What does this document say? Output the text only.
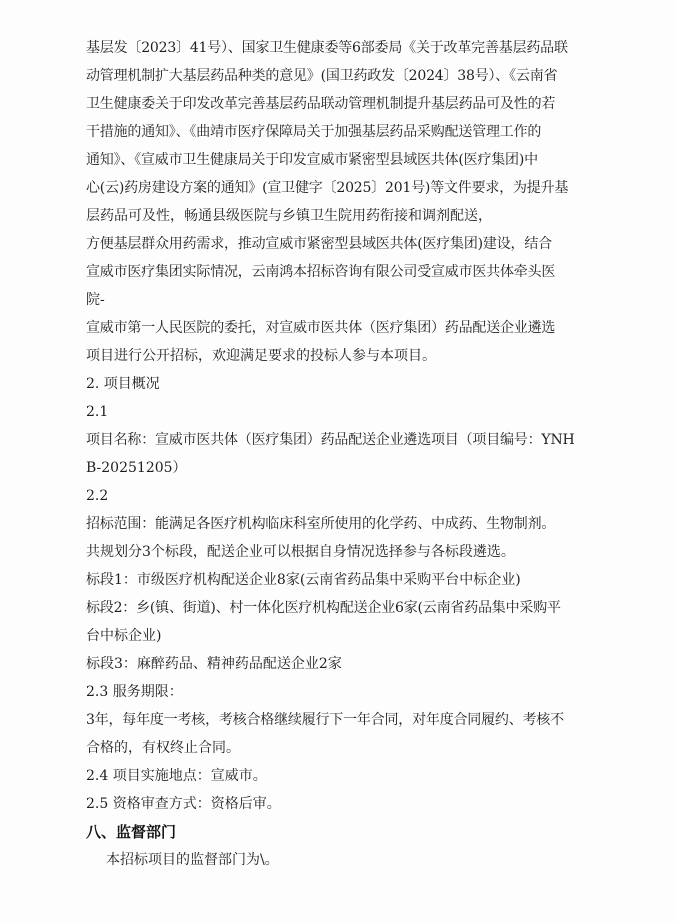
基层发〔2023〕41号）、国家卫生健康委等6部委局《关于改革完善基层药品联
动管理机制扩大基层药品种类的意见》(国卫药政发〔2024〕38号）、《云南省
卫生健康委关于印发改革完善基层药品联动管理机制提升基层药品可及性的若
干措施的通知》、《曲靖市医疗保障局关于加强基层药品采购配送管理工作的
通知》、《宣威市卫生健康局关于印发宣威市紧密型县域医共体(医疗集团)中
心(云)药房建设方案的通知》(宣卫健字〔2025〕201号)等文件要求，为提升基
层药品可及性，畅通县级医院与乡镇卫生院用药衔接和调剂配送，
方便基层群众用药需求，推动宣威市紧密型县域医共体(医疗集团)建设，结合
宣威市医疗集团实际情况，云南鸿本招标咨询有限公司受宣威市医共体牵头医
院-
宣威市第一人民医院的委托，对宣威市医共体（医疗集团）药品配送企业遴选
项目进行公开招标，欢迎满足要求的投标人参与本项目。
2. 项目概况
2.1
项目名称：宣威市医共体（医疗集团）药品配送企业遴选项目（项目编号：YNH
B-20251205）
2.2
招标范围：能满足各医疗机构临床科室所使用的化学药、中成药、生物制剂。
共规划分3个标段，配送企业可以根据自身情况选择参与各标段遴选。
标段1：市级医疗机构配送企业8家(云南省药品集中采购平台中标企业)
标段2：乡(镇、街道)、村一体化医疗机构配送企业6家(云南省药品集中采购平
台中标企业)
标段3：麻醉药品、精神药品配送企业2家
2.3 服务期限：
3年，每年度一考核，考核合格继续履行下一年合同，对年度合同履约、考核不
合格的，有权终止合同。
2.4 项目实施地点：宣威市。
2.5 资格审查方式：资格后审。
八、监督部门
本招标项目的监督部门为\。
